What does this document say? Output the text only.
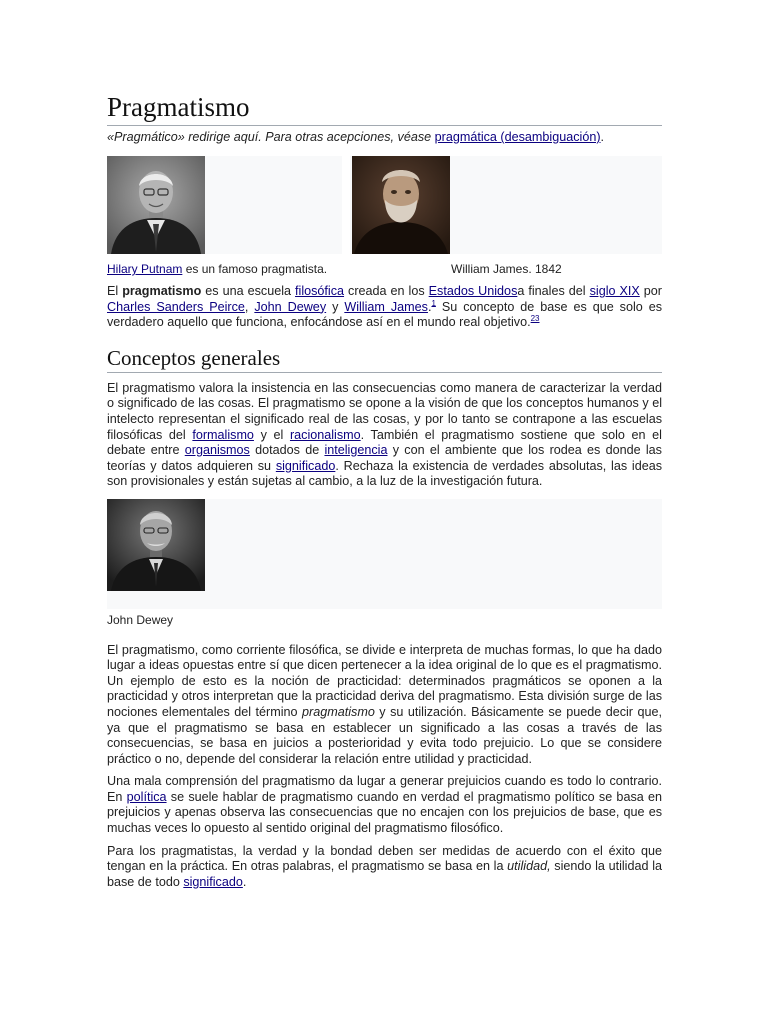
Pragmatismo
«Pragmático» redirige aquí. Para otras acepciones, véase pragmática (desambiguación).
Hilary Putnam es un famoso pragmatista.	William James. 1842

El pragmatismo es una escuela filosófica creada en los Estados Unidosa finales del siglo XIX por Charles Sanders Peirce, John Dewey y William James.$^1$ Su concepto de base es que solo es verdadero aquello que funciona, enfocándose así en el mundo real objetivo.$^{23}$

Conceptos generales

El pragmatismo valora la insistencia en las consecuencias como manera de caracterizar la verdad o significado de las cosas. El pragmatismo se opone a la visión de que los conceptos humanos y el intelecto representan el significado real de las cosas, y por lo tanto se contrapone a las escuelas filosóficas del formalismo y el racionalismo. También el pragmatismo sostiene que solo en el debate entre organismos dotados de inteligencia y con el ambiente que los rodea es donde las teorías y datos adquieren su significado. Rechaza la existencia de verdades absolutas, las ideas son provisionales y están sujetas al cambio, a la luz de la investigación futura.

John Dewey

El pragmatismo, como corriente filosófica, se divide e interpreta de muchas formas, lo que ha dado lugar a ideas opuestas entre sí que dicen pertenecer a la idea original de lo que es el pragmatismo. Un ejemplo de esto es la noción de practicidad: determinados pragmáticos se oponen a la practicidad y otros interpretan que la practicidad deriva del pragmatismo. Esta división surge de las nociones elementales del término pragmatismo y su utilización. Básicamente se puede decir que, ya que el pragmatismo se basa en establecer un significado a las cosas a través de las consecuencias, se basa en juicios a posterioridad y evita todo prejuicio. Lo que se considere práctico o no, depende del considerar la relación entre utilidad y practicidad.

Una mala comprensión del pragmatismo da lugar a generar prejuicios cuando es todo lo contrario. En política se suele hablar de pragmatismo cuando en verdad el pragmatismo político se basa en prejuicios y apenas observa las consecuencias que no encajen con los prejuicios de base, que es muchas veces lo opuesto al sentido original del pragmatismo filosófico.

Para los pragmatistas, la verdad y la bondad deben ser medidas de acuerdo con el éxito que tengan en la práctica. En otras palabras, el pragmatismo se basa en la utilidad, siendo la utilidad la base de todo significado.
